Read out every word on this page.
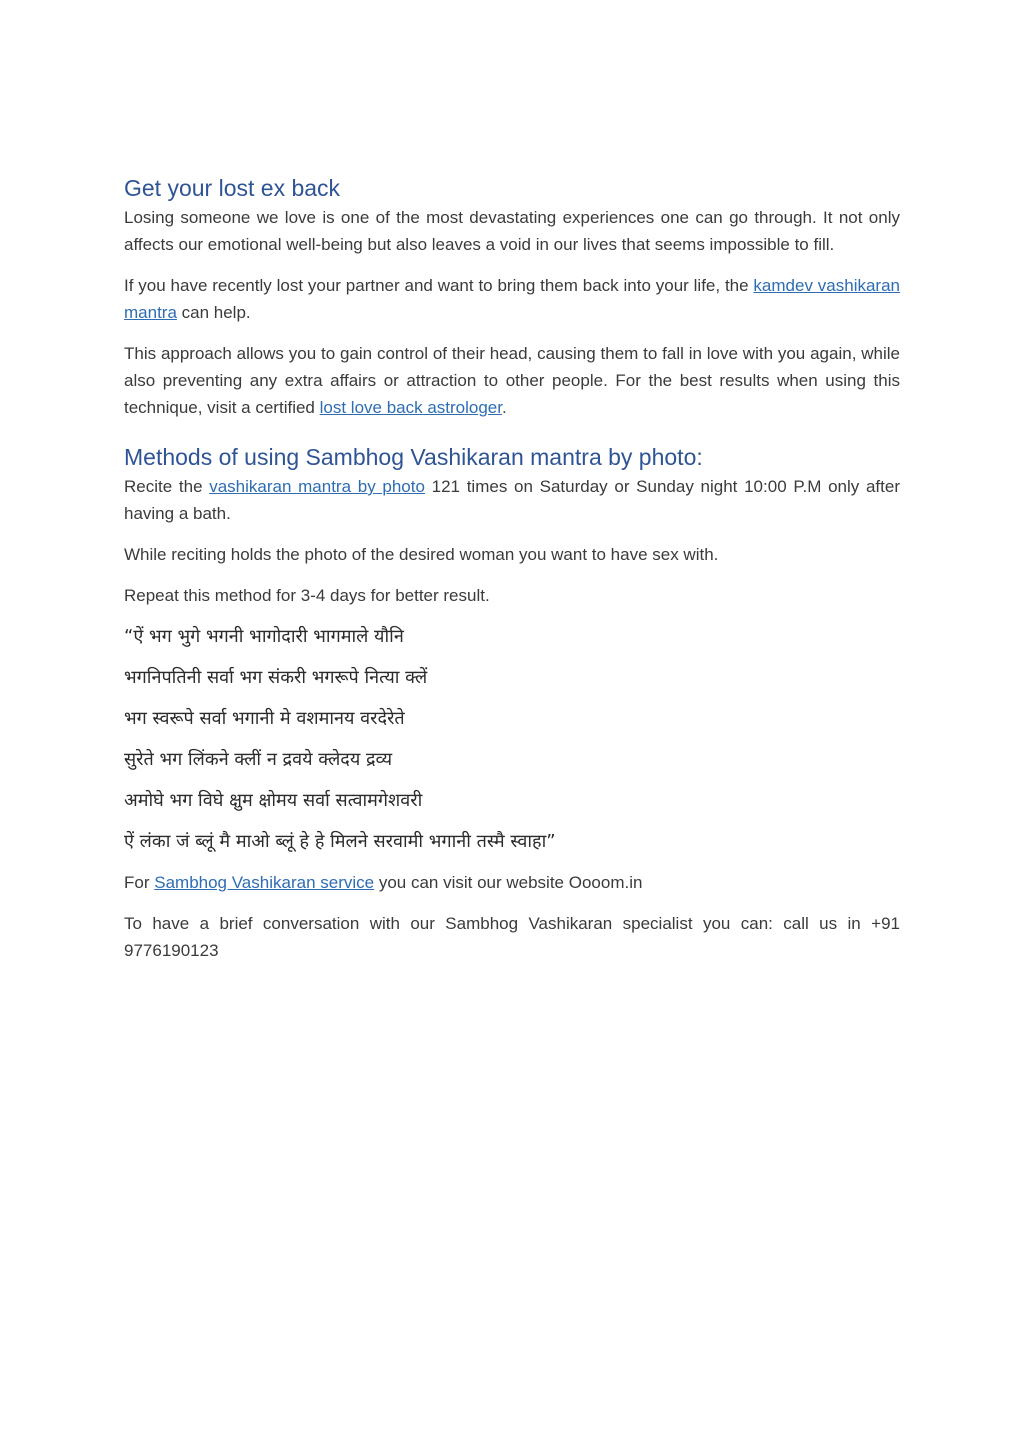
Get your lost ex back

Losing someone we love is one of the most devastating experiences one can go through. It not only affects our emotional well-being but also leaves a void in our lives that seems impossible to fill.

If you have recently lost your partner and want to bring them back into your life, the kamdev vashikaran mantra can help.

This approach allows you to gain control of their head, causing them to fall in love with you again, while also preventing any extra affairs or attraction to other people. For the best results when using this technique, visit a certified lost love back astrologer.

Methods of using Sambhog Vashikaran mantra by photo:

Recite the vashikaran mantra by photo 121 times on Saturday or Sunday night 10:00 P.M only after having a bath.

While reciting holds the photo of the desired woman you want to have sex with.

Repeat this method for 3-4 days for better result.

“ऐं भग भुगे भगनी भागोदारी भागमाले यौनि

भगनिपतिनी सर्वा भग संकरी भगरूपे नित्या क्लें

भग स्वरूपे सर्वा भगानी मे वशमानय वरदेरेते

सुरेते भग लिंकने क्लीं न द्रवये क्लेदय द्रव्य

अमोघे भग विघे क्षुम क्षोमय सर्वा सत्वामगेशवरी

ऐं लंका जं ब्लूं मै माओ ब्लूं हे हे मिलने सरवामी भगानी तस्मै स्वाहा”

For Sambhog Vashikaran service you can visit our website Oooom.in

To have a brief conversation with our Sambhog Vashikaran specialist you can: call us in +91 9776190123
